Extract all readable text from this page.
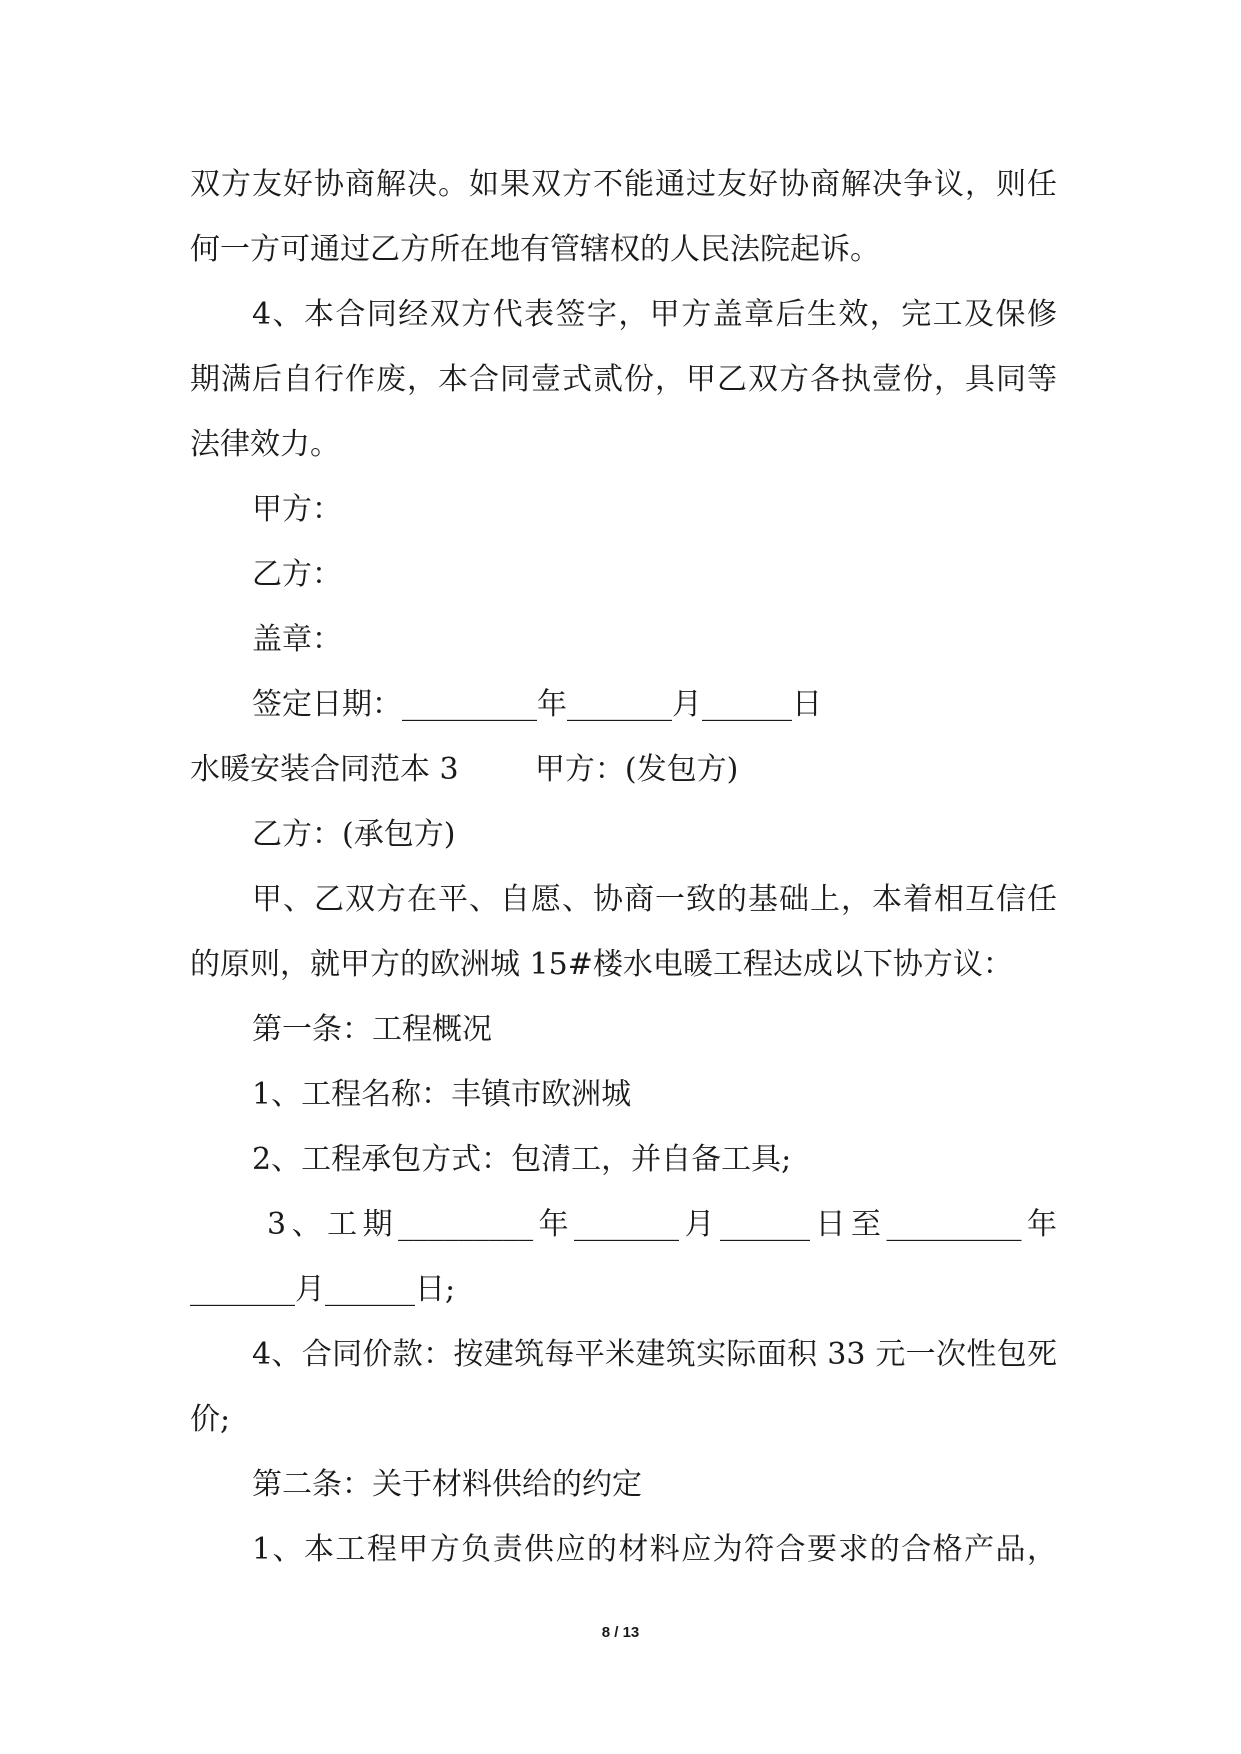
双方友好协商解决。如果双方不能通过友好协商解决争议，则任
何一方可通过乙方所在地有管辖权的人民法院起诉。
4、本合同经双方代表签字，甲方盖章后生效，完工及保修
期满后自行作废，本合同壹式贰份，甲乙双方各执壹份，具同等
法律效力。
甲方：
乙方：
盖章：
签定日期：_________年_______月______日
水暖安装合同范本 3        甲方：(发包方)
乙方：(承包方)
甲、乙双方在平、自愿、协商一致的基础上，本着相互信任
的原则，就甲方的欧洲城 15#楼水电暖工程达成以下协方议：
第一条：工程概况
1、工程名称：丰镇市欧洲城
2、工程承包方式：包清工，并自备工具;
3、工期_________年_______月______日至_________年
_______月______日;
4、合同价款：按建筑每平米建筑实际面积 33 元一次性包死
价;
第二条：关于材料供给的约定
1、本工程甲方负责供应的材料应为符合要求的合格产品，
8 / 13
